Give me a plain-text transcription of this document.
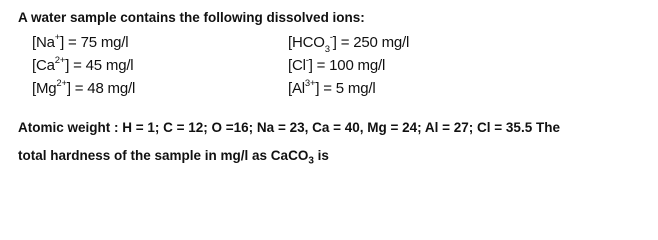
A water sample contains the following dissolved ions:
[Na+] = 75 mg/l
$[Ca^{2+}] = 45$ mg/l
$[Mg^{2+}] = 48$ mg/l
$[HCO_3^-] = 250$ mg/l
[Cl-] = 100 mg/l
$[Al^{3+}] = 5$ mg/l
Atomic weight : H = 1; C = 12; O =16; Na = 23, Ca = 40, Mg = 24; Al = 27; Cl = 35.5 The
total hardness of the sample in mg/l as CaCO$_3$ is
